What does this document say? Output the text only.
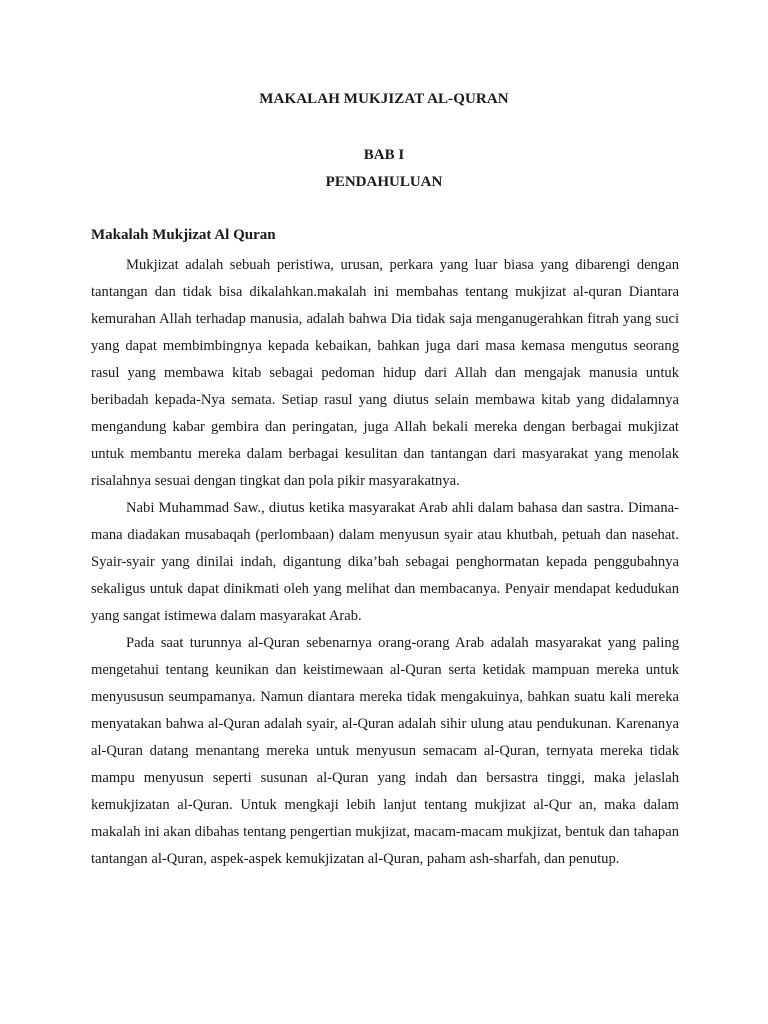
MAKALAH MUKJIZAT AL-QURAN
BAB I
PENDAHULUAN
Makalah Mukjizat Al Quran

Mukjizat adalah sebuah peristiwa, urusan, perkara yang luar biasa yang dibarengi dengan tantangan dan tidak bisa dikalahkan.makalah ini membahas tentang mukjizat al-quran Diantara kemurahan Allah terhadap manusia, adalah bahwa Dia tidak saja menganugerahkan fitrah yang suci yang dapat membimbingnya kepada kebaikan, bahkan juga dari masa kemasa mengutus seorang rasul yang membawa kitab sebagai pedoman hidup dari Allah dan mengajak manusia untuk beribadah kepada-Nya semata. Setiap rasul yang diutus selain membawa kitab yang didalamnya mengandung kabar gembira dan peringatan, juga Allah bekali mereka dengan berbagai mukjizat untuk membantu mereka dalam berbagai kesulitan dan tantangan dari masyarakat yang menolak risalahnya sesuai dengan tingkat dan pola pikir masyarakatnya.

Nabi Muhammad Saw., diutus ketika masyarakat Arab ahli dalam bahasa dan sastra. Dimana-mana diadakan musabaqah (perlombaan) dalam menyusun syair atau khutbah, petuah dan nasehat. Syair-syair yang dinilai indah, digantung dika’bah sebagai penghormatan kepada penggubahnya sekaligus untuk dapat dinikmati oleh yang melihat dan membacanya. Penyair mendapat kedudukan yang sangat istimewa dalam masyarakat Arab.

Pada saat turunnya al-Quran sebenarnya orang-orang Arab adalah masyarakat yang paling mengetahui tentang keunikan dan keistimewaan al-Quran serta ketidak mampuan mereka untuk menyususun seumpamanya. Namun diantara mereka tidak mengakuinya, bahkan suatu kali mereka menyatakan bahwa al-Quran adalah syair, al-Quran adalah sihir ulung atau pendukunan. Karenanya al-Quran datang menantang mereka untuk menyusun semacam al-Quran, ternyata mereka tidak mampu menyusun seperti susunan al-Quran yang indah dan bersastra tinggi, maka jelaslah kemukjizatan al-Quran. Untuk mengkaji lebih lanjut tentang mukjizat al-Qur an, maka dalam makalah ini akan dibahas tentang pengertian mukjizat, macam-macam mukjizat, bentuk dan tahapan tantangan al-Quran, aspek-aspek kemukjizatan al-Quran, paham ash-sharfah, dan penutup.
